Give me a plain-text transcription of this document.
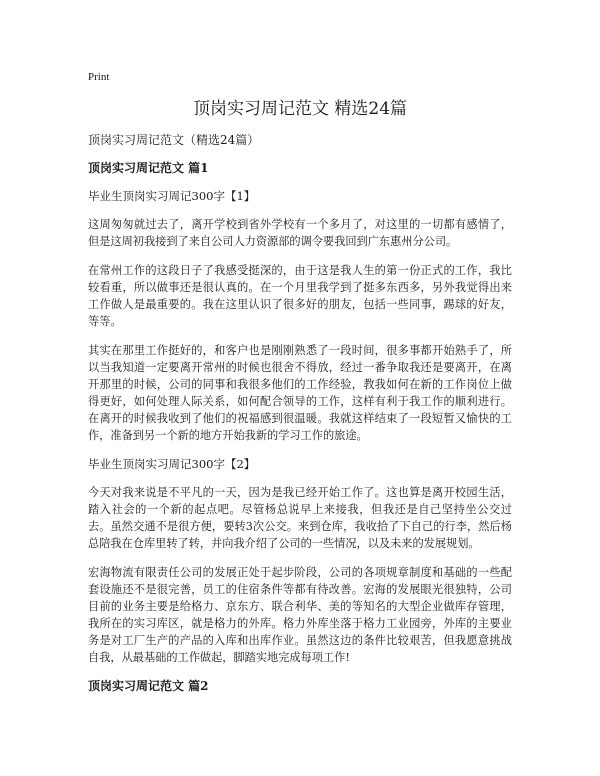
Print
顶岗实习周记范文 精选24篇
顶岗实习周记范文（精选24篇）
顶岗实习周记范文 篇1
毕业生顶岗实习周记300字【1】

这周匆匆就过去了，离开学校到省外学校有一个多月了，对这里的一切都有感情了，但是这周初我接到了来自公司人力资源部的调令要我回到广东惠州分公司。

在常州工作的这段日子了我感受挺深的，由于这是我人生的第一份正式的工作，我比较看重，所以做事还是很认真的。在一个月里我学到了挺多东西多，另外我觉得出来工作做人是最重要的。我在这里认识了很多好的朋友，包括一些同事，踢球的好友，等等。

其实在那里工作挺好的，和客户也是刚刚熟悉了一段时间，很多事都开始熟手了，所以当我知道一定要离开常州的时候也很舍不得放，经过一番争取我还是要离开，在离开那里的时候，公司的同事和我很多他们的工作经验，教我如何在新的工作岗位上做得更好，如何处理人际关系，如何配合领导的工作，这样有利于我工作的顺利进行。在离开的时候我收到了他们的祝福感到很温暖。我就这样结束了一段短暂又愉快的工作，准备到另一个新的地方开始我新的学习工作的旅途。

毕业生顶岗实习周记300字【2】

今天对我来说是不平凡的一天，因为是我已经开始工作了。这也算是离开校园生活，踏入社会的一个新的起点吧。尽管杨总说早上来接我，但我还是自己坚持坐公交过去。虽然交通不是很方便，要转3次公交。来到仓库，我收拾了下自己的行李，然后杨总陪我在仓库里转了转，并向我介绍了公司的一些情况，以及未来的发展规划。

宏海物流有限责任公司的发展正处于起步阶段，公司的各项规章制度和基础的一些配套设施还不是很完善，员工的住宿条件等都有待改善。宏海的发展眼光很独特，公司目前的业务主要是给格力、京东方、联合利华、美的等知名的大型企业做库存管理，我所在的实习库区，就是格力的外库。格力外库坐落于格力工业园旁，外库的主要业务是对工厂生产的产品的入库和出库作业。虽然这边的条件比较艰苦，但我愿意挑战自我，从最基础的工作做起，脚踏实地完成每项工作!

顶岗实习周记范文 篇2
